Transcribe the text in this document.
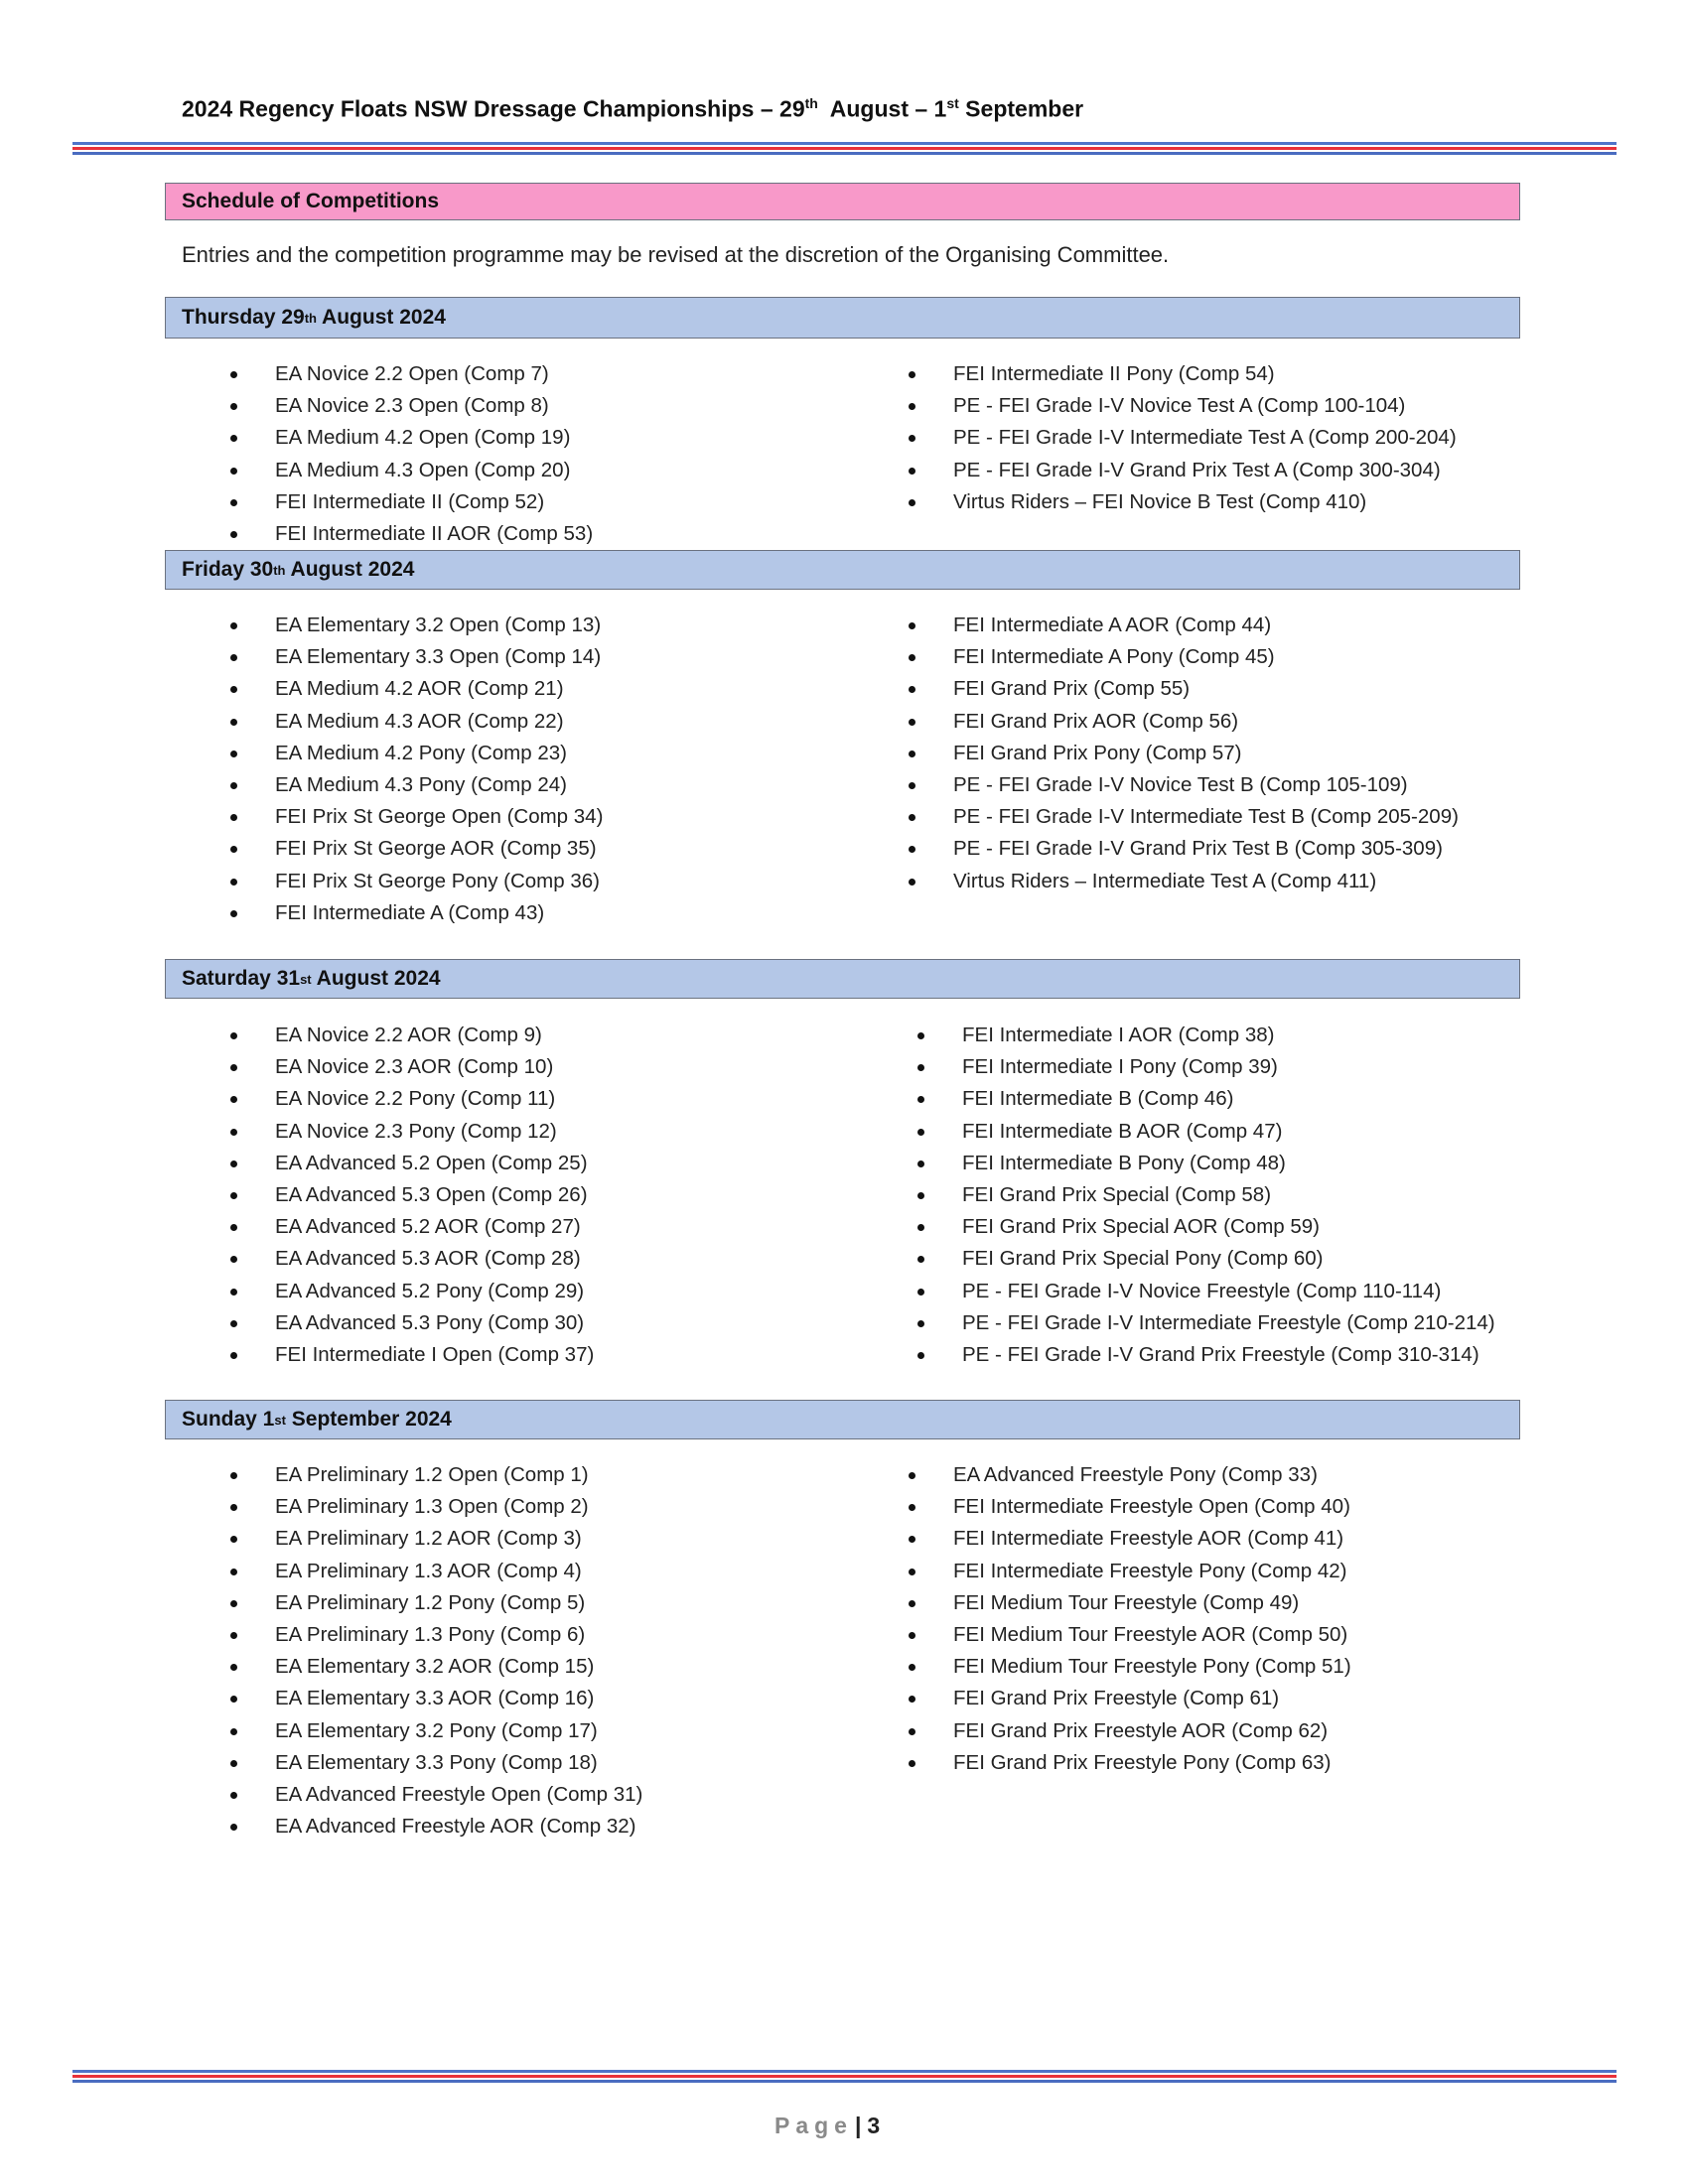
2024 Regency Floats NSW Dressage Championships – 29th  August – 1st September
Schedule of Competitions
Entries and the competition programme may be revised at the discretion of the Organising Committee.
Thursday 29 th August 2024
EA Novice 2.2 Open (Comp 7)
EA Novice 2.3 Open (Comp 8)
EA Medium 4.2 Open (Comp 19)
EA Medium 4.3 Open (Comp 20)
FEI Intermediate II (Comp 52)
FEI Intermediate II AOR (Comp 53)
FEI Intermediate II Pony (Comp 54)
PE - FEI Grade I-V Novice Test A (Comp 100-104)
PE - FEI Grade I-V Intermediate Test A (Comp 200-204)
PE - FEI Grade I-V Grand Prix Test A (Comp 300-304)
Virtus Riders – FEI Novice B Test (Comp 410)
Friday 30 th August 2024
EA Elementary 3.2 Open (Comp 13)
EA Elementary 3.3 Open (Comp 14)
EA Medium 4.2 AOR (Comp 21)
EA Medium 4.3 AOR (Comp 22)
EA Medium 4.2 Pony (Comp 23)
EA Medium 4.3 Pony (Comp 24)
FEI Prix St George Open (Comp 34)
FEI Prix St George AOR (Comp 35)
FEI Prix St George Pony (Comp 36)
FEI Intermediate A (Comp 43)
FEI Intermediate A AOR (Comp 44)
FEI Intermediate A Pony (Comp 45)
FEI Grand Prix (Comp 55)
FEI Grand Prix AOR (Comp 56)
FEI Grand Prix Pony (Comp 57)
PE - FEI Grade I-V Novice Test B (Comp 105-109)
PE - FEI Grade I-V Intermediate Test B (Comp 205-209)
PE - FEI Grade I-V Grand Prix Test B (Comp 305-309)
Virtus Riders – Intermediate Test A (Comp 411)
Saturday 31 st August 2024
EA Novice 2.2 AOR (Comp 9)
EA Novice 2.3 AOR (Comp 10)
EA Novice 2.2 Pony (Comp 11)
EA Novice 2.3 Pony (Comp 12)
EA Advanced 5.2 Open (Comp 25)
EA Advanced 5.3 Open (Comp 26)
EA Advanced 5.2 AOR (Comp 27)
EA Advanced 5.3 AOR (Comp 28)
EA Advanced 5.2 Pony (Comp 29)
EA Advanced 5.3 Pony (Comp 30)
FEI Intermediate I Open (Comp 37)
FEI Intermediate I AOR (Comp 38)
FEI Intermediate I Pony (Comp 39)
FEI Intermediate B (Comp 46)
FEI Intermediate B AOR (Comp 47)
FEI Intermediate B Pony (Comp 48)
FEI Grand Prix Special (Comp 58)
FEI Grand Prix Special AOR (Comp 59)
FEI Grand Prix Special Pony (Comp 60)
PE - FEI Grade I-V Novice Freestyle (Comp 110-114)
PE - FEI Grade I-V Intermediate Freestyle (Comp 210-214)
PE - FEI Grade I-V Grand Prix Freestyle (Comp 310-314)
Sunday 1 st September 2024
EA Preliminary 1.2 Open (Comp 1)
EA Preliminary 1.3 Open (Comp 2)
EA Preliminary 1.2 AOR (Comp 3)
EA Preliminary 1.3 AOR (Comp 4)
EA Preliminary 1.2 Pony (Comp 5)
EA Preliminary 1.3 Pony (Comp 6)
EA Elementary 3.2 AOR (Comp 15)
EA Elementary 3.3 AOR (Comp 16)
EA Elementary 3.2 Pony (Comp 17)
EA Elementary 3.3 Pony (Comp 18)
EA Advanced Freestyle Open (Comp 31)
EA Advanced Freestyle AOR (Comp 32)
EA Advanced Freestyle Pony (Comp 33)
FEI Intermediate Freestyle Open (Comp 40)
FEI Intermediate Freestyle AOR (Comp 41)
FEI Intermediate Freestyle Pony (Comp 42)
FEI Medium Tour Freestyle (Comp 49)
FEI Medium Tour Freestyle AOR (Comp 50)
FEI Medium Tour Freestyle Pony (Comp 51)
FEI Grand Prix Freestyle (Comp 61)
FEI Grand Prix Freestyle AOR (Comp 62)
FEI Grand Prix Freestyle Pony (Comp 63)
Page| 3
